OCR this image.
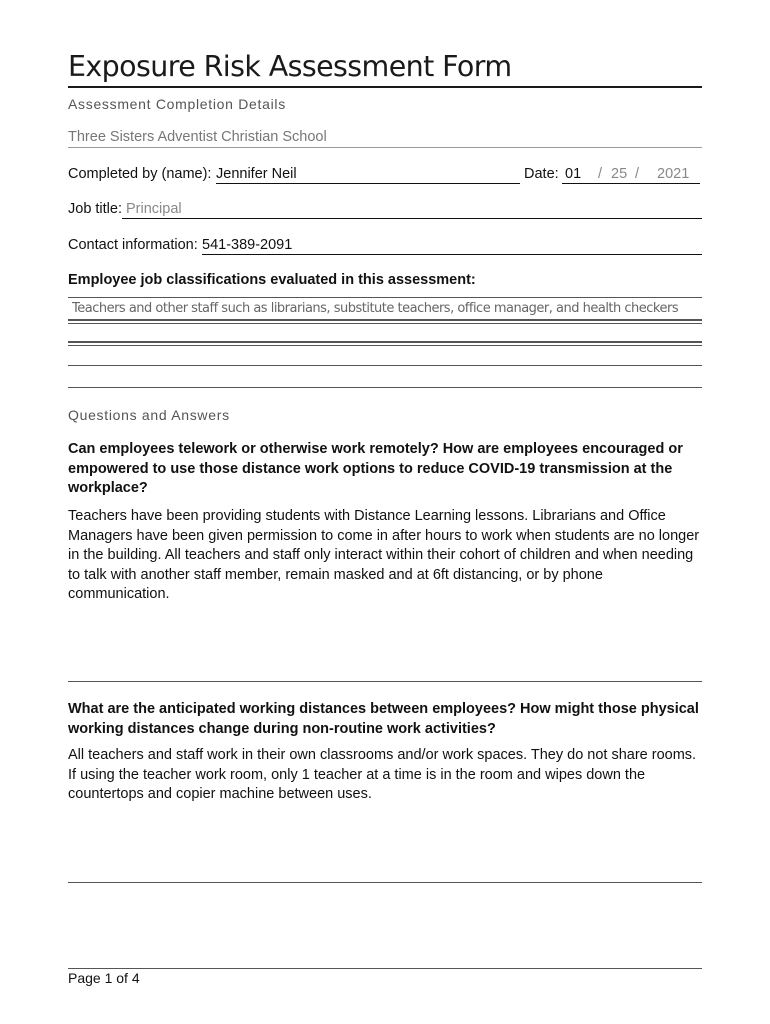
Exposure Risk Assessment Form
Assessment Completion Details
Three Sisters Adventist Christian School
Completed by (name): Jennifer Neil	Date: 01 / 25 / 2021
Job title: Principal
Contact information: 541-389-2091
Employee job classifications evaluated in this assessment:
Teachers and other staff such as librarians, substitute teachers, office manager, and health checkers
Questions and Answers
Can employees telework or otherwise work remotely? How are employees encouraged or empowered to use those distance work options to reduce COVID-19 transmission at the workplace?
Teachers have been providing students with Distance Learning lessons. Librarians and Office Managers have been given permission to come in after hours to work when students are no longer in the building. All teachers and staff only interact within their cohort of children and when needing to talk with another staff member, remain masked and at 6ft distancing, or by phone communication.
What are the anticipated working distances between employees? How might those physical working distances change during non-routine work activities?
All teachers and staff work in their own classrooms and/or work spaces. They do not share rooms. If using the teacher work room, only 1 teacher at a time is in the room and wipes down the countertops and copier machine between uses.
Page 1 of 4
